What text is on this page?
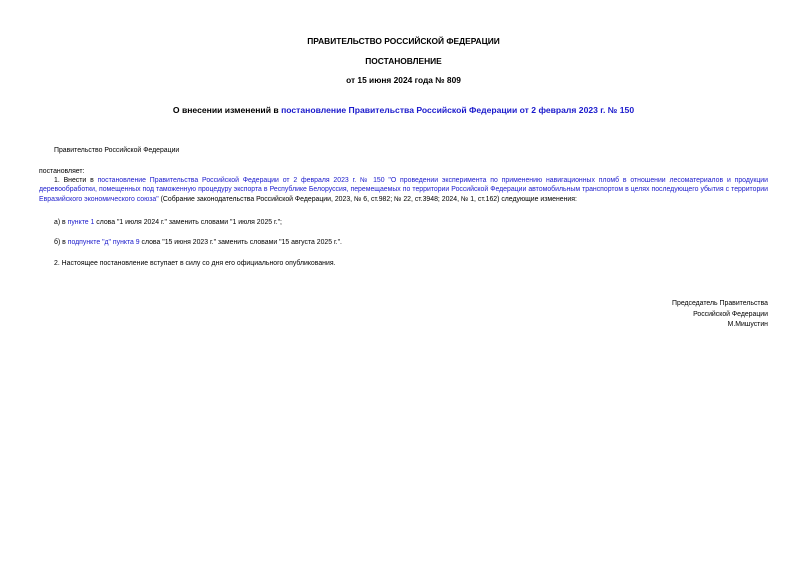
ПРАВИТЕЛЬСТВО РОССИЙСКОЙ ФЕДЕРАЦИИ
ПОСТАНОВЛЕНИЕ
от 15 июня 2024 года № 809
О внесении изменений в постановление Правительства Российской Федерации от 2 февраля 2023 г. № 150
Правительство Российской Федерации
постановляет:
1. Внести в постановление Правительства Российской Федерации от 2 февраля 2023 г. № 150 "О проведении эксперимента по применению навигационных пломб в отношении лесоматериалов и продукции деревообработки, помещенных под таможенную процедуру экспорта в Республике Белоруссия, перемещаемых по территории Российской Федерации автомобильным транспортом в целях последующего убытия с территории Евразийского экономического союза" (Собрание законодательства Российской Федерации, 2023, № 6, ст.982; № 22, ст.3948; 2024, № 1, ст.162) следующие изменения:
а) в пункте 1 слова "1 июля 2024 г." заменить словами "1 июля 2025 г.";
б) в подпункте "д" пункта 9 слова "15 июня 2023 г." заменить словами "15 августа 2025 г.".
2. Настоящее постановление вступает в силу со дня его официального опубликования.
Председатель Правительства
Российской Федерации
М.Мишустин
